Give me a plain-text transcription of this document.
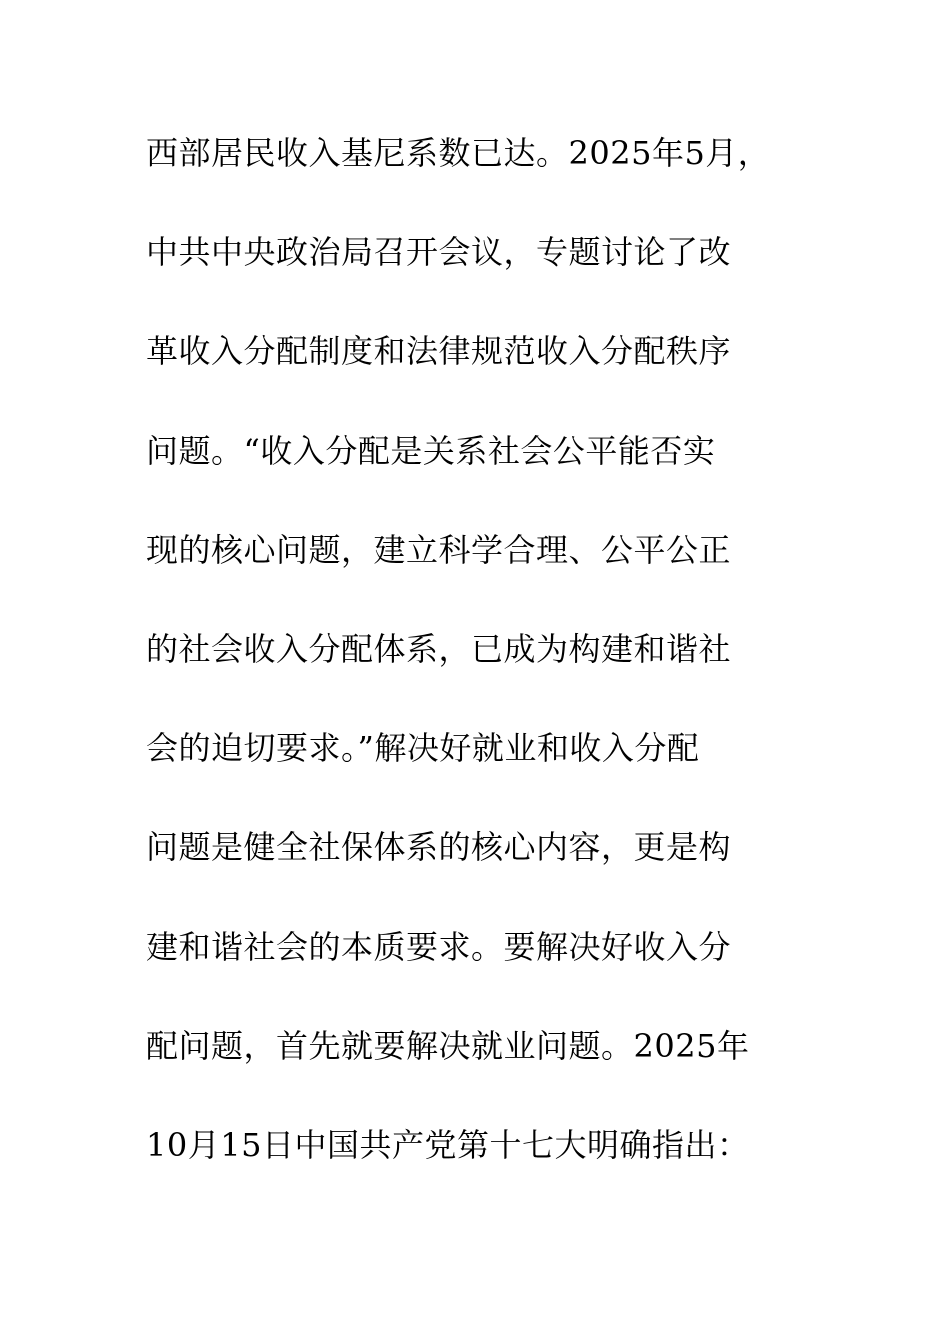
西部居民收入基尼系数已达。2025年5月，
中共中央政治局召开会议，专题讨论了改
革收入分配制度和法律规范收入分配秩序
问题。“收入分配是关系社会公平能否实
现的核心问题，建立科学合理、公平公正
的社会收入分配体系，已成为构建和谐社
会的迫切要求。”解决好就业和收入分配
问题是健全社保体系的核心内容，更是构
建和谐社会的本质要求。要解决好收入分
配问题，首先就要解决就业问题。2025年
10月15日中国共产党第十七大明确指出：
